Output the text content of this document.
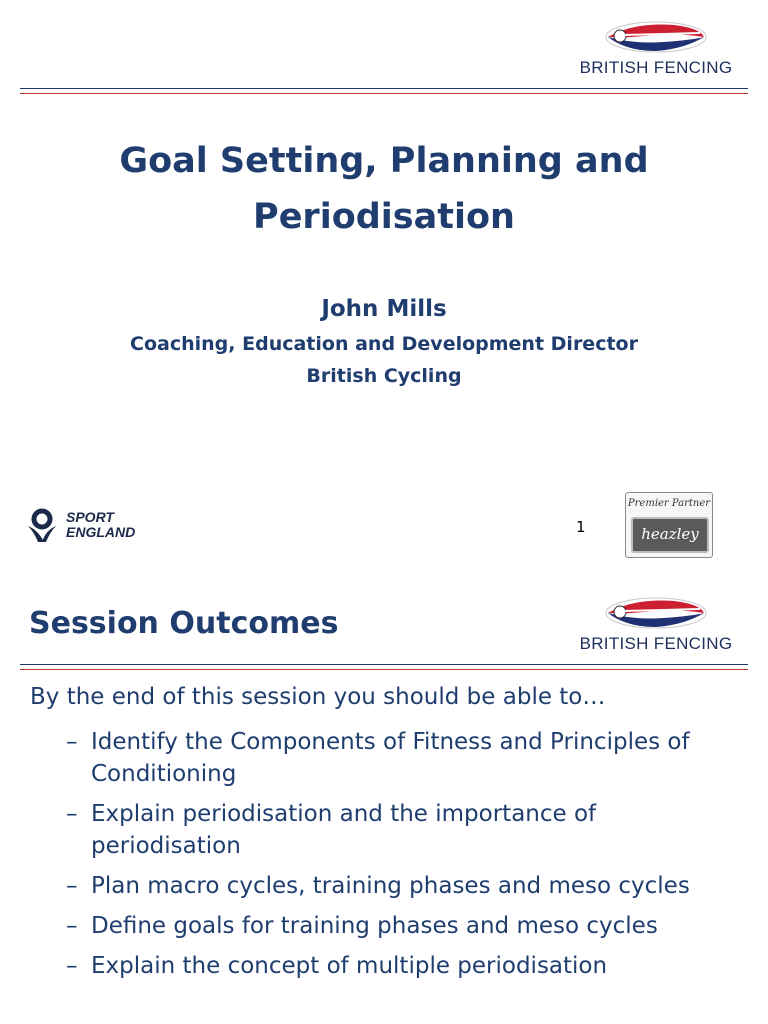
BRITISH FENCING
Goal Setting, Planning and
Periodisation
John Mills
Coaching, Education and Development Director
British Cycling
SPORT
ENGLAND	1
Premier Partner
heazley
Session Outcomes
BRITISH FENCING
By the end of this session you should be able to…
– Identify the Components of Fitness and Principles of Conditioning
– Explain periodisation and the importance of periodisation
– Plan macro cycles, training phases and meso cycles
– Define goals for training phases and meso cycles
– Explain the concept of multiple periodisation
